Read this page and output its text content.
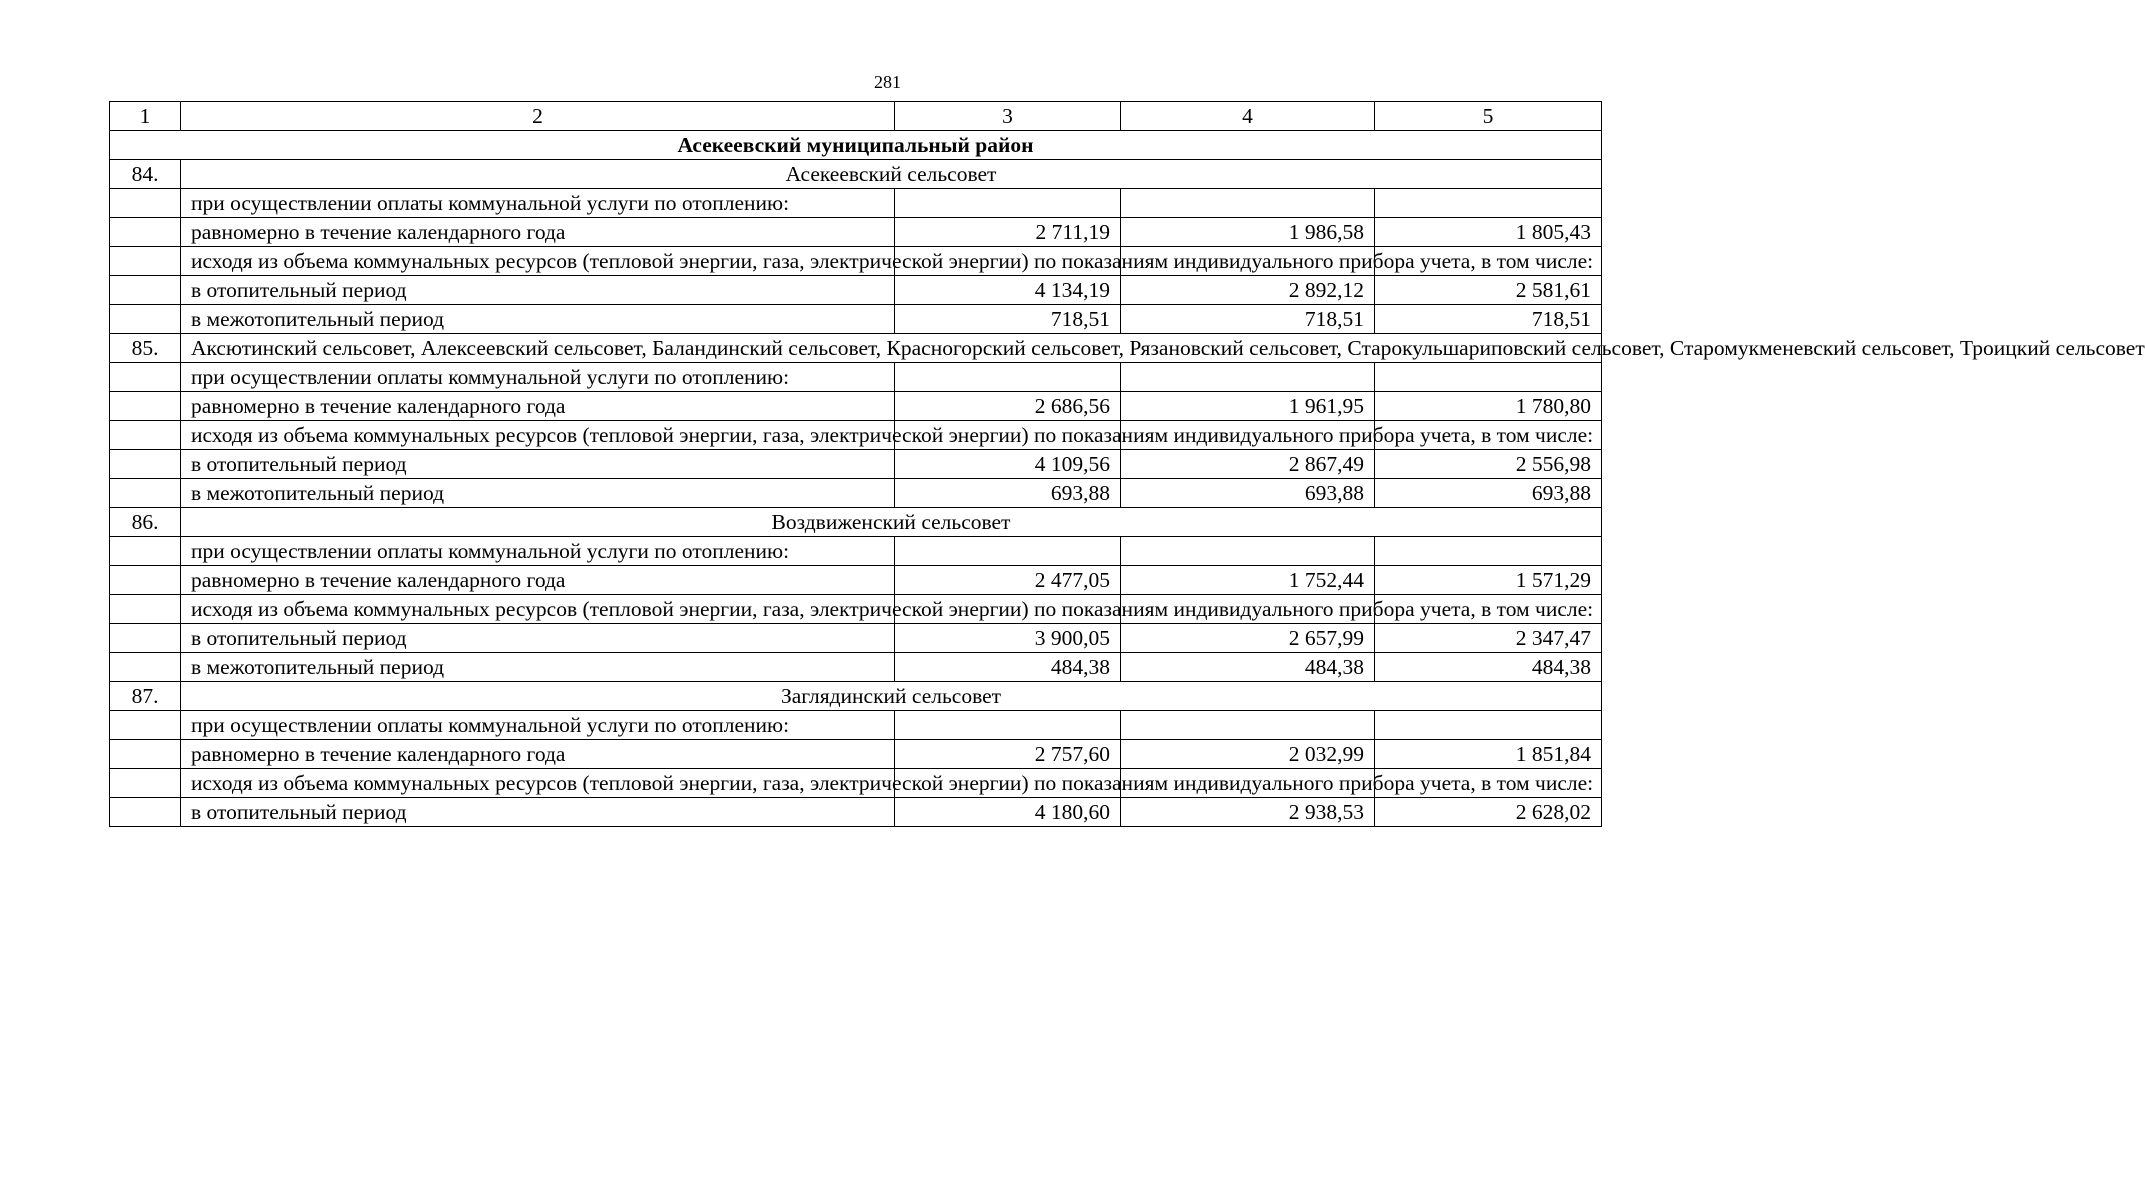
281
1	2	3	4	5
Асекеевский муниципальный район				
84.	Асекеевский сельсовет			
	при осуществлении оплаты коммунальной услуги по отоплению:			
	равномерно в течение календарного года	2 711,19	1 986,58	1 805,43
	исходя из объема коммунальных ресурсов (тепловой энергии, газа, электрической энергии) по показаниям индивидуального прибора учета, в том числе:			
	в отопительный период	4 134,19	2 892,12	2 581,61
	в межотопительный период	718,51	718,51	718,51
85.	Аксютинский сельсовет, Алексеевский сельсовет, Баландинский сельсовет, Красногорский сельсовет, Рязановский сельсовет, Старокульшариповский сельсовет, Старомукменевский сельсовет, Троицкий сельсовет			
	при осуществлении оплаты коммунальной услуги по отоплению:			
	равномерно в течение календарного года	2 686,56	1 961,95	1 780,80
	исходя из объема коммунальных ресурсов (тепловой энергии, газа, электрической энергии) по показаниям индивидуального прибора учета, в том числе:			
	в отопительный период	4 109,56	2 867,49	2 556,98
	в межотопительный период	693,88	693,88	693,88
86.	Воздвиженский сельсовет			
	при осуществлении оплаты коммунальной услуги по отоплению:			
	равномерно в течение календарного года	2 477,05	1 752,44	1 571,29
	исходя из объема коммунальных ресурсов (тепловой энергии, газа, электрической энергии) по показаниям индивидуального прибора учета, в том числе:			
	в отопительный период	3 900,05	2 657,99	2 347,47
	в межотопительный период	484,38	484,38	484,38
87.	Заглядинский сельсовет			
	при осуществлении оплаты коммунальной услуги по отоплению:			
	равномерно в течение календарного года	2 757,60	2 032,99	1 851,84
	исходя из объема коммунальных ресурсов (тепловой энергии, газа, электрической энергии) по показаниям индивидуального прибора учета, в том числе:			
	в отопительный период	4 180,60	2 938,53	2 628,02
